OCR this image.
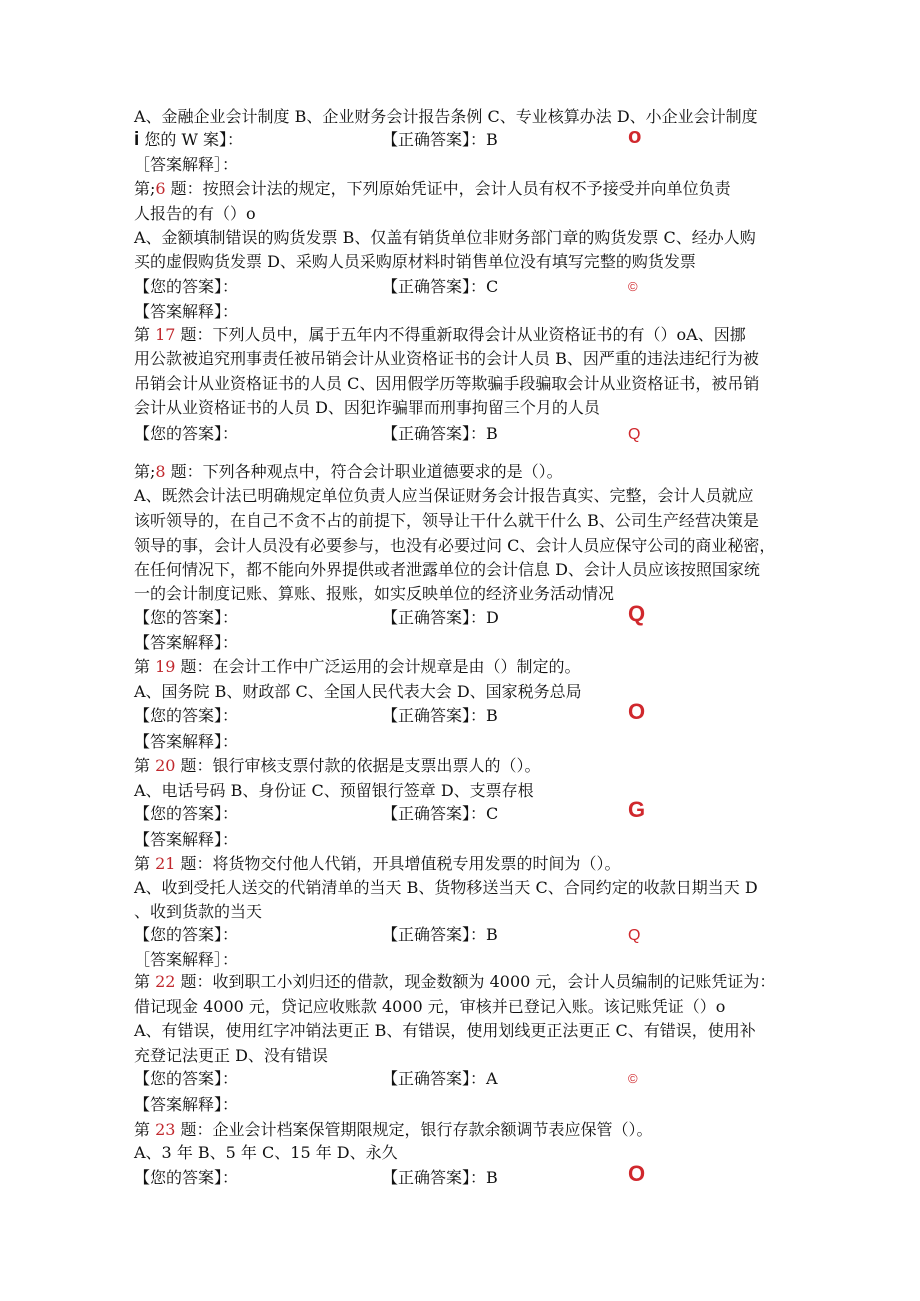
A、金融企业会计制度 B、企业财务会计报告条例 C、专业核算办法 D、小企业会计制度
i 您的 W 案】：	【正确答案】：B	o
［答案解释］：
第;6 题：按照会计法的规定，下列原始凭证中，会计人员有权不予接受并向单位负责
人报告的有（）o
A、金额填制错误的购货发票 B、仅盖有销货单位非财务部门章的购货发票 C、经办人购
买的虚假购货发票 D、采购人员采购原材料时销售单位没有填写完整的购货发票
【您的答案】：	【正确答案】：C	©
【答案解释】：
第 17 题：下列人员中，属于五年内不得重新取得会计从业资格证书的有（）oA、因挪
用公款被追究刑事责任被吊销会计从业资格证书的会计人员 B、因严重的违法违纪行为被
吊销会计从业资格证书的人员 C、因用假学历等欺骗手段骗取会计从业资格证书，被吊销
会计从业资格证书的人员 D、因犯诈骗罪而刑事拘留三个月的人员
【您的答案】：	【正确答案】：B	Q
第;8 题：下列各种观点中，符合会计职业道德要求的是（）。
A、既然会计法已明确规定单位负责人应当保证财务会计报告真实、完整，会计人员就应
该听领导的，在自己不贪不占的前提下，领导让干什么就干什么 B、公司生产经营决策是
领导的事，会计人员没有必要参与，也没有必要过问 C、会计人员应保守公司的商业秘密，
在任何情况下，都不能向外界提供或者泄露单位的会计信息 D、会计人员应该按照国家统
一的会计制度记账、算账、报账，如实反映单位的经济业务活动情况
【您的答案】：	【正确答案】：D	Q
【答案解释】：
第 19 题：在会计工作中广泛运用的会计规章是由（）制定的。
A、国务院 B、财政部 C、全国人民代表大会 D、国家税务总局
【您的答案】：	【正确答案】：B	O
【答案解释】：
第 20 题：银行审核支票付款的依据是支票出票人的（）。
A、电话号码 B、身份证 C、预留银行签章 D、支票存根
【您的答案】：	【正确答案】：C	G
【答案解释】：
第 21 题：将货物交付他人代销，开具增值税专用发票的时间为（）。
A、收到受托人送交的代销清单的当天 B、货物移送当天 C、合同约定的收款日期当天 D
、收到货款的当天
【您的答案】：	【正确答案】：B	Q
［答案解释］：
第 22 题：收到职工小刘归还的借款，现金数额为 4000 元，会计人员编制的记账凭证为：
借记现金 4000 元，贷记应收账款 4000 元，审核并已登记入账。该记账凭证（）o
A、有错误，使用红字冲销法更正 B、有错误，使用划线更正法更正 C、有错误，使用补
充登记法更正 D、没有错误
【您的答案】：	【正确答案】：A	©
【答案解释】：
第 23 题：企业会计档案保管期限规定，银行存款余额调节表应保管（）。
A、3 年 B、5 年 C、15 年 D、永久
【您的答案】：	【正确答案】：B	O
